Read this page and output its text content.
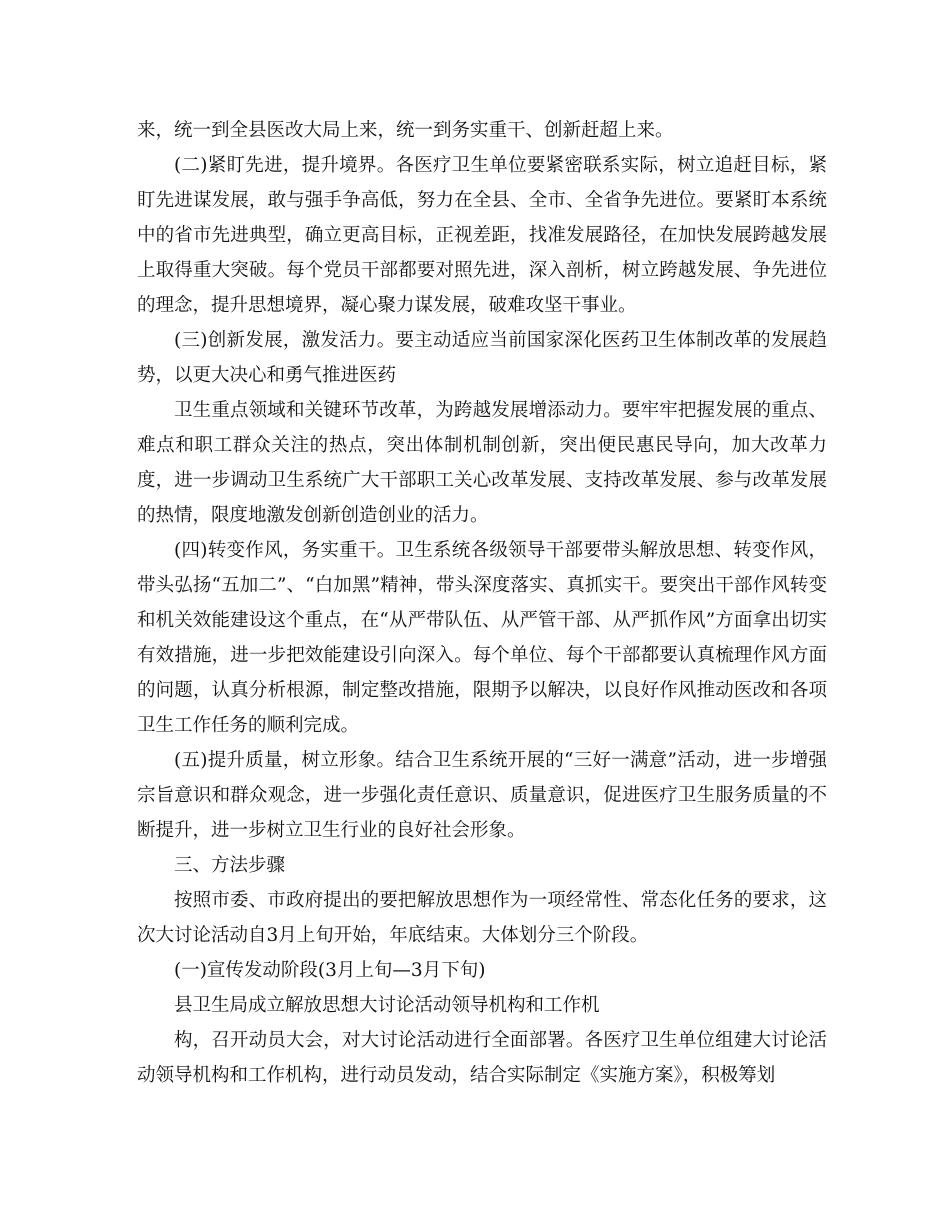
来，统一到全县医改大局上来，统一到务实重干、创新赶超上来。

(二)紧盯先进，提升境界。各医疗卫生单位要紧密联系实际，树立追赶目标，紧盯先进谋发展，敢与强手争高低，努力在全县、全市、全省争先进位。要紧盯本系统中的省市先进典型，确立更高目标，正视差距，找准发展路径，在加快发展跨越发展上取得重大突破。每个党员干部都要对照先进，深入剖析，树立跨越发展、争先进位的理念，提升思想境界，凝心聚力谋发展，破难攻坚干事业。

(三)创新发展，激发活力。要主动适应当前国家深化医药卫生体制改革的发展趋势，以更大决心和勇气推进医药

卫生重点领域和关键环节改革，为跨越发展增添动力。要牢牢把握发展的重点、难点和职工群众关注的热点，突出体制机制创新，突出便民惠民导向，加大改革力度，进一步调动卫生系统广大干部职工关心改革发展、支持改革发展、参与改革发展的热情，限度地激发创新创造创业的活力。

(四)转变作风，务实重干。卫生系统各级领导干部要带头解放思想、转变作风，带头弘扬“五加二”、“白加黑”精神，带头深度落实、真抓实干。要突出干部作风转变和机关效能建设这个重点，在“从严带队伍、从严管干部、从严抓作风”方面拿出切实有效措施，进一步把效能建设引向深入。每个单位、每个干部都要认真梳理作风方面的问题，认真分析根源，制定整改措施，限期予以解决，以良好作风推动医改和各项卫生工作任务的顺利完成。

(五)提升质量，树立形象。结合卫生系统开展的“三好一满意”活动，进一步增强宗旨意识和群众观念，进一步强化责任意识、质量意识，促进医疗卫生服务质量的不断提升，进一步树立卫生行业的良好社会形象。

三、方法步骤

按照市委、市政府提出的要把解放思想作为一项经常性、常态化任务的要求，这次大讨论活动自3月上旬开始，年底结束。大体划分三个阶段。

(一)宣传发动阶段(3月上旬—3月下旬)

县卫生局成立解放思想大讨论活动领导机构和工作机

构，召开动员大会，对大讨论活动进行全面部署。各医疗卫生单位组建大讨论活动领导机构和工作机构，进行动员发动，结合实际制定《实施方案》，积极筹划
